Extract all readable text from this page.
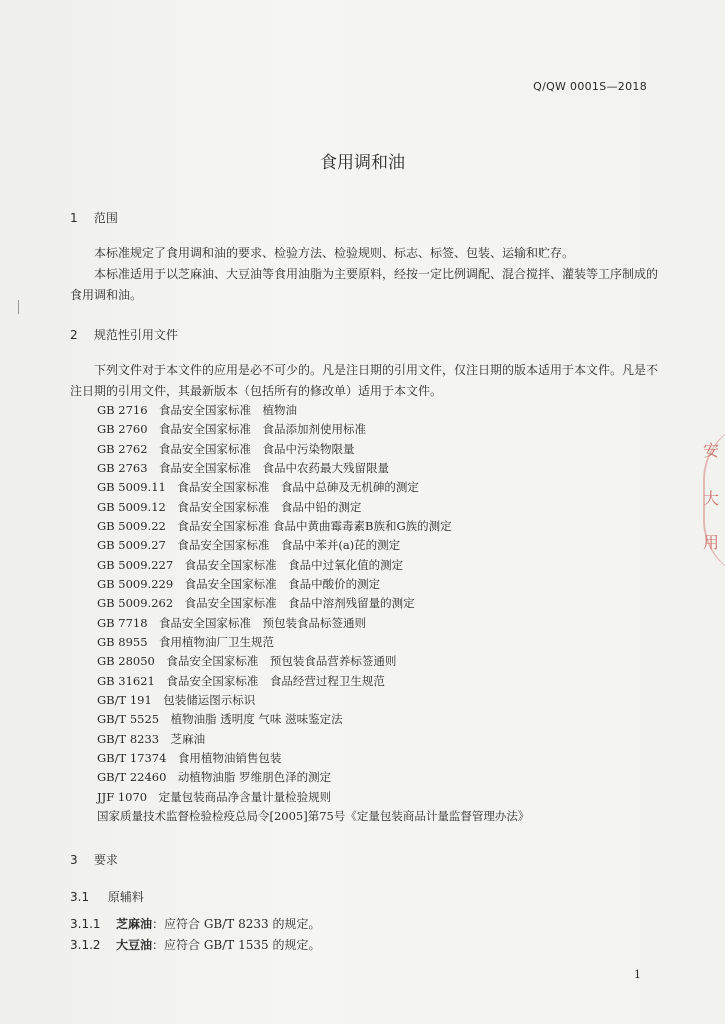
Q/QW 0001S—2018
食用调和油
1 范围
本标准规定了食用调和油的要求、检验方法、检验规则、标志、标签、包装、运输和贮存。
本标准适用于以芝麻油、大豆油等食用油脂为主要原料，经按一定比例调配、混合搅拌、灌装等工序制成的食用调和油。
2 规范性引用文件
下列文件对于本文件的应用是必不可少的。凡是注日期的引用文件，仅注日期的版本适用于本文件。凡是不注日期的引用文件，其最新版本（包括所有的修改单）适用于本文件。
GB 2716　食品安全国家标准　植物油
GB 2760　食品安全国家标准　食品添加剂使用标准
GB 2762　食品安全国家标准　食品中污染物限量
GB 2763　食品安全国家标准　食品中农药最大残留限量
GB 5009.11　食品安全国家标准　食品中总砷及无机砷的测定
GB 5009.12　食品安全国家标准　食品中铅的测定
GB 5009.22　食品安全国家标准 食品中黄曲霉毒素B族和G族的测定
GB 5009.27　食品安全国家标准　食品中苯并(a)芘的测定
GB 5009.227　食品安全国家标准　食品中过氧化值的测定
GB 5009.229　食品安全国家标准　食品中酸价的测定
GB 5009.262　食品安全国家标准　食品中溶剂残留量的测定
GB 7718　食品安全国家标准　预包装食品标签通则
GB 8955　食用植物油厂卫生规范
GB 28050　食品安全国家标准　预包装食品营养标签通则
GB 31621　食品安全国家标准　食品经营过程卫生规范
GB/T 191　包装储运图示标识
GB/T 5525　植物油脂 透明度 气味 滋味鉴定法
GB/T 8233　芝麻油
GB/T 17374　食用植物油销售包装
GB/T 22460　动植物油脂 罗维朋色泽的测定
JJF 1070　定量包装商品净含量计量检验规则
国家质量技术监督检验检疫总局令[2005]第75号《定量包装商品计量监督管理办法》
3 要求
3.1 原辅料
3.1.1 芝麻油：应符合 GB/T 8233 的规定。
3.1.2 大豆油：应符合 GB/T 1535 的规定。
1
安
大
用
